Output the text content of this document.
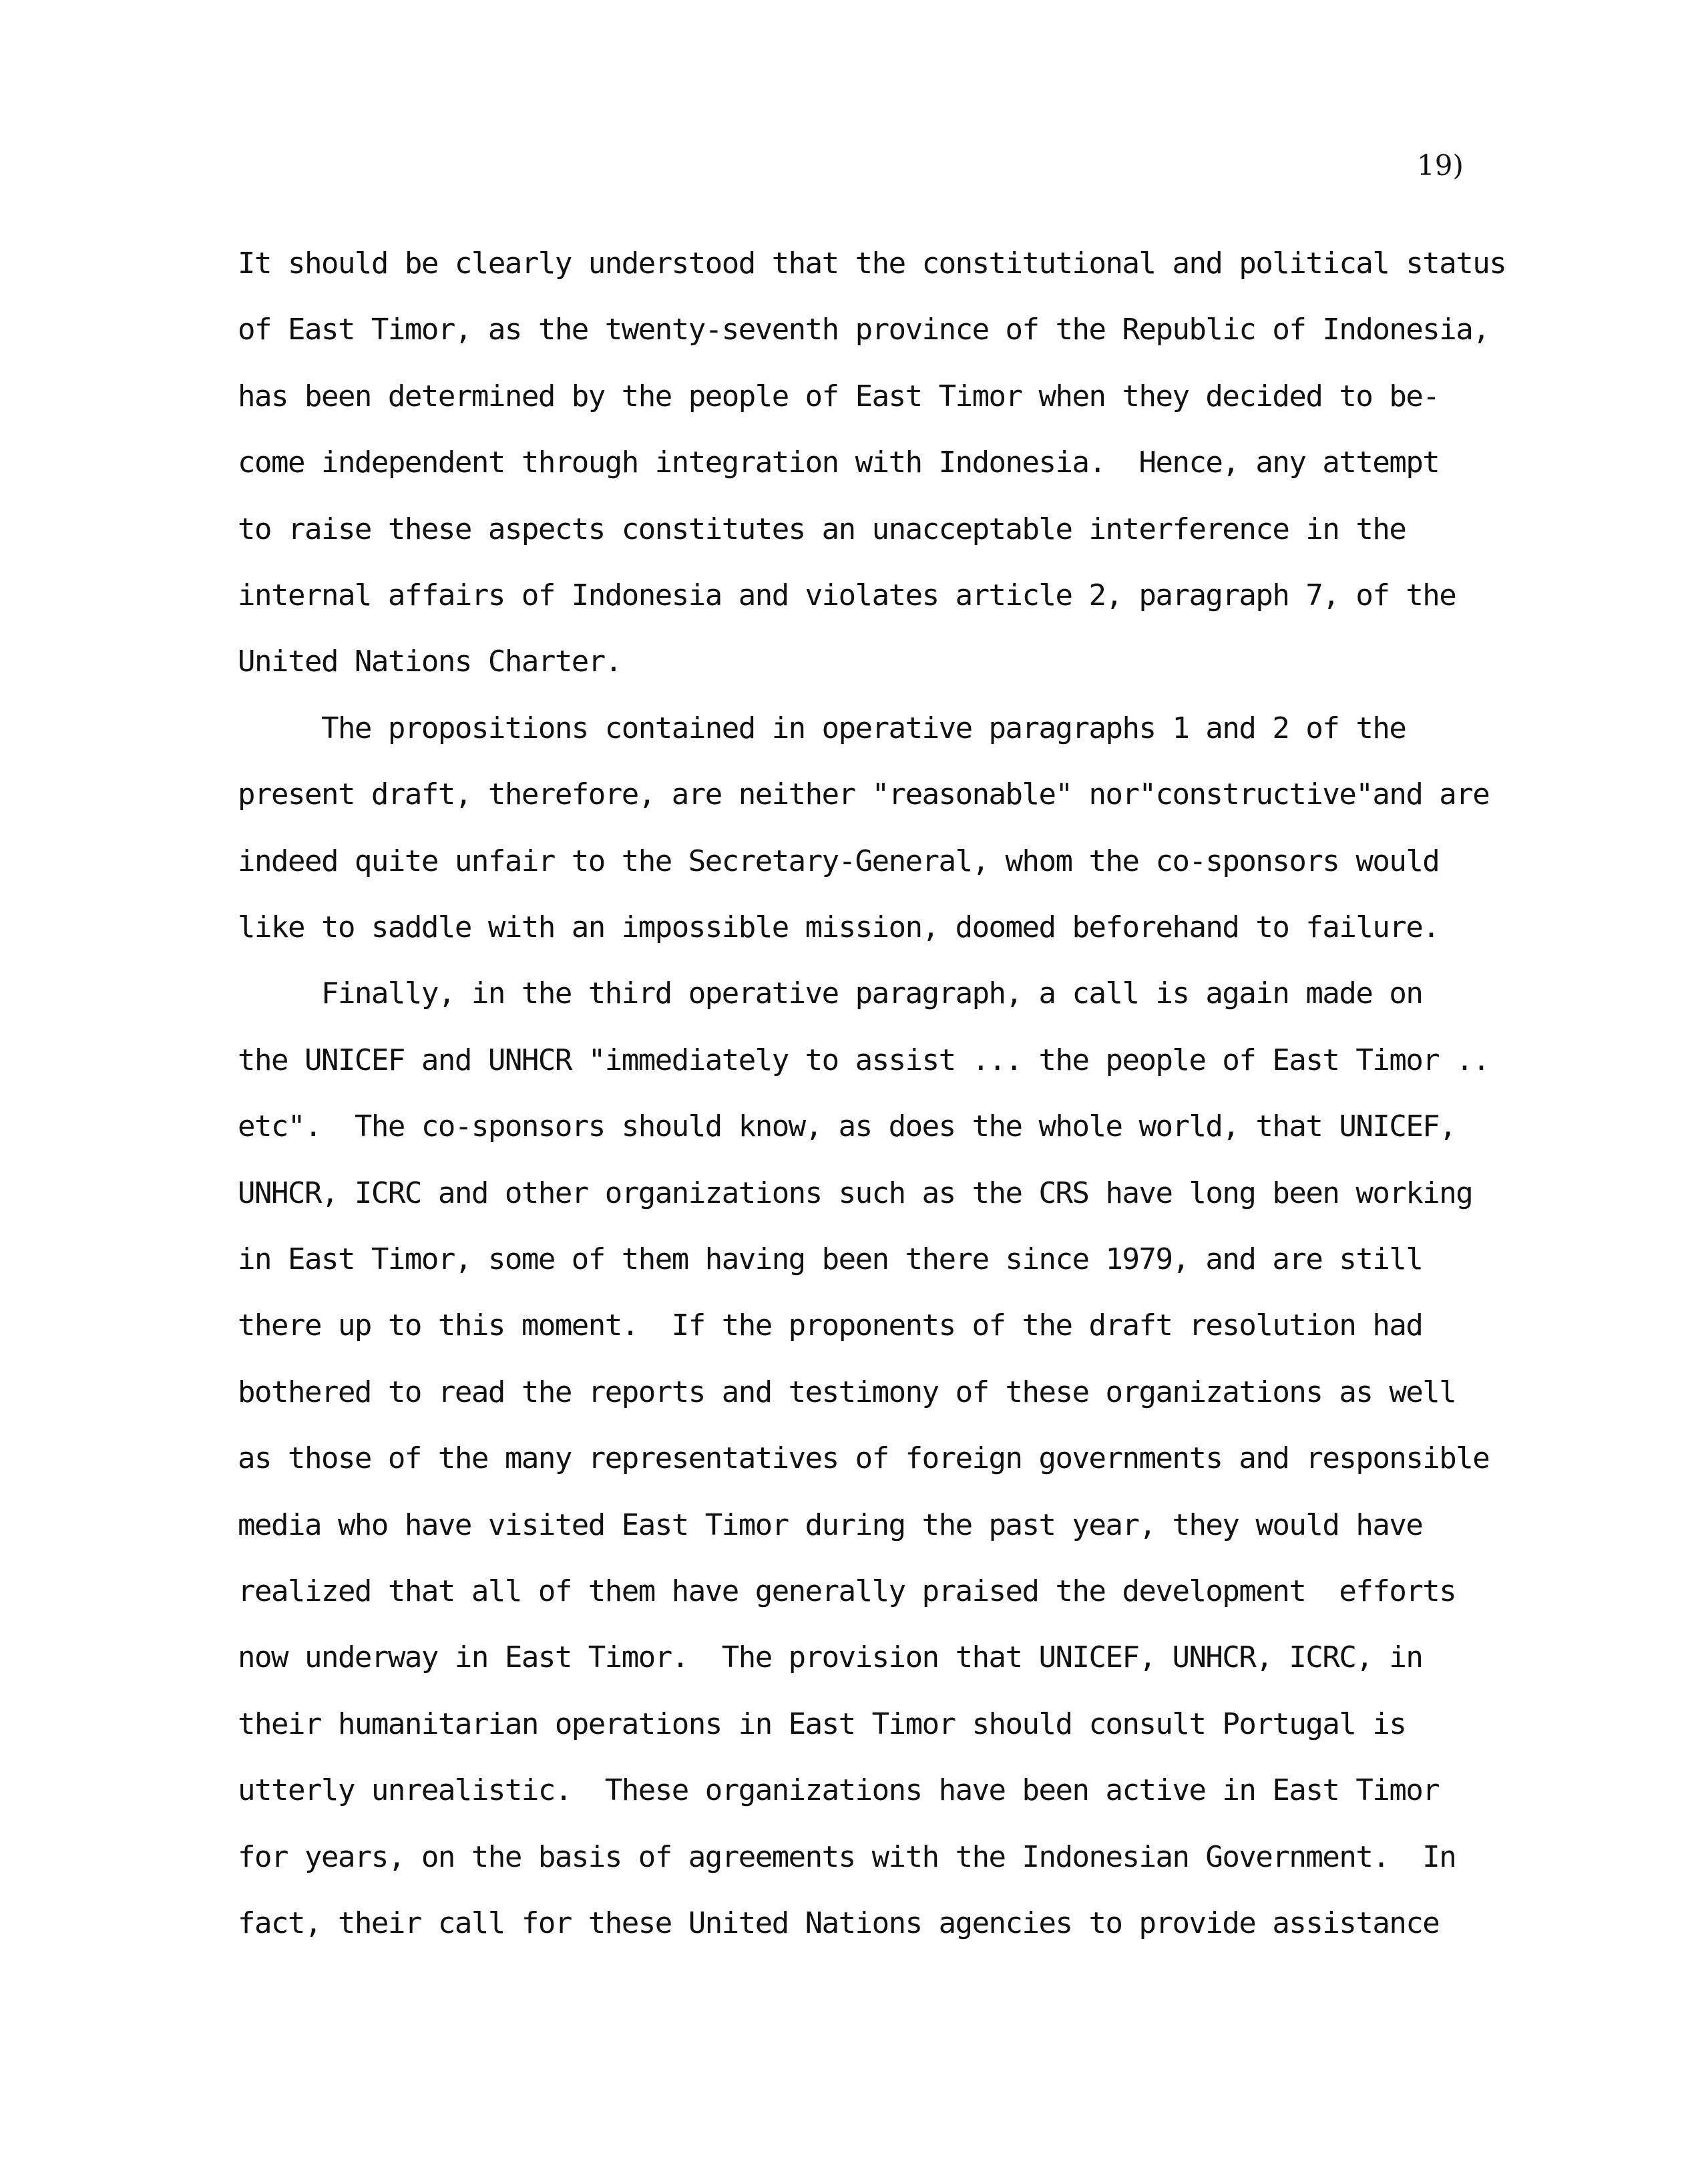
19)
It should be clearly understood that the constitutional and political status
of East Timor, as the twenty-seventh province of the Republic of Indonesia,
has been determined by the people of East Timor when they decided to be-
come independent through integration with Indonesia.  Hence, any attempt
to raise these aspects constitutes an unacceptable interference in the
internal affairs of Indonesia and violates article 2, paragraph 7, of the
United Nations Charter.
The propositions contained in operative paragraphs 1 and 2 of the
present draft, therefore, are neither "reasonable" nor"constructive"and are
indeed quite unfair to the Secretary-General, whom the co-sponsors would
like to saddle with an impossible mission, doomed beforehand to failure.
Finally, in the third operative paragraph, a call is again made on
the UNICEF and UNHCR "immediately to assist ... the people of East Timor ..
etc".  The co-sponsors should know, as does the whole world, that UNICEF,
UNHCR, ICRC and other organizations such as the CRS have long been working
in East Timor, some of them having been there since 1979, and are still
there up to this moment.  If the proponents of the draft resolution had
bothered to read the reports and testimony of these organizations as well
as those of the many representatives of foreign governments and responsible
media who have visited East Timor during the past year, they would have
realized that all of them have generally praised the development  efforts
now underway in East Timor.  The provision that UNICEF, UNHCR, ICRC, in
their humanitarian operations in East Timor should consult Portugal is
utterly unrealistic.  These organizations have been active in East Timor
for years, on the basis of agreements with the Indonesian Government.  In
fact, their call for these United Nations agencies to provide assistance
